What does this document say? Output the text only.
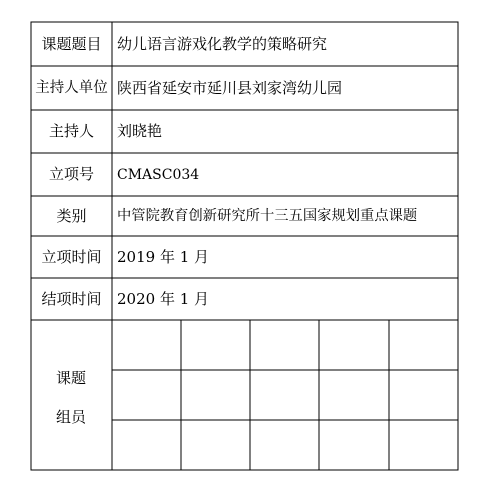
课题题目	幼儿语言游戏化教学的策略研究
主持人单位 陕西省延安市延川县刘家湾幼儿园
主持人	刘晓艳
立项号	CMASC034
类别	中管院教育创新研究所十三五国家规划重点课题
立项时间	2019 年 1 月
结项时间	2020 年 1 月
课题
组员
